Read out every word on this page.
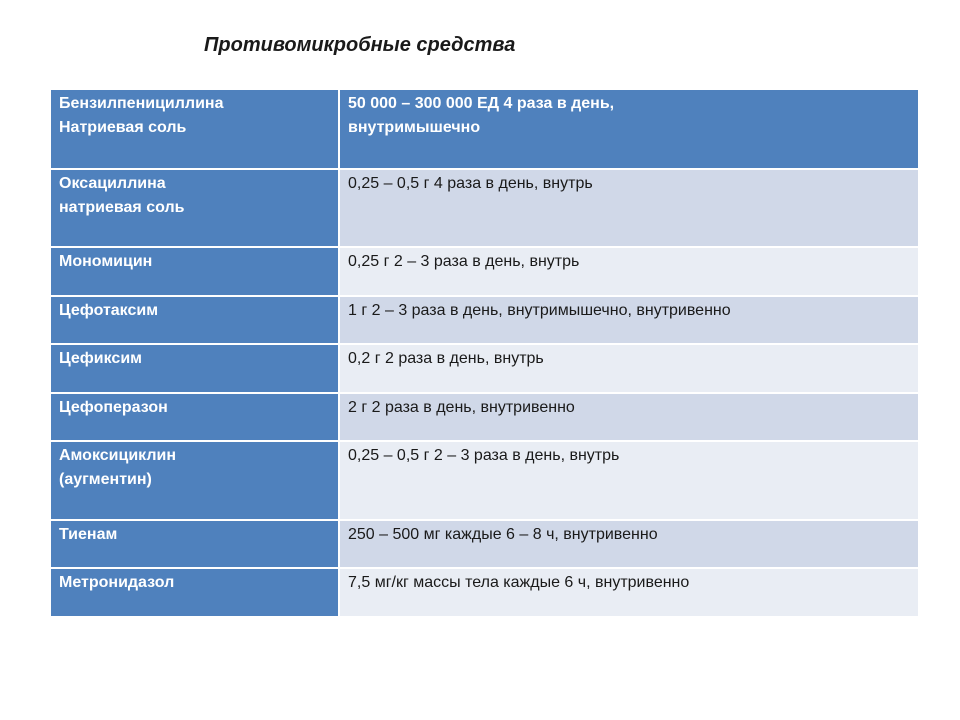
Противомикробные средства
Бензилпенициллина
Натриевая соль	50 000 – 300 000 ЕД 4 раза в день,
внутримышечно

Оксациллина
натриевая соль	0,25 – 0,5 г 4 раза в день, внутрь

Мономицин	0,25 г 2 – 3 раза в день, внутрь

Цефотаксим	1 г 2 – 3 раза в день, внутримышечно, внутривенно

Цефиксим	0,2 г 2 раза в день, внутрь

Цефоперазон	2 г 2 раза в день, внутривенно

Амоксициклин
(аугментин)	0,25 – 0,5 г 2 – 3 раза в день, внутрь

Тиенам	250 – 500 мг каждые 6 – 8 ч, внутривенно

Метронидазол	7,5 мг/кг массы тела каждые 6 ч, внутривенно
